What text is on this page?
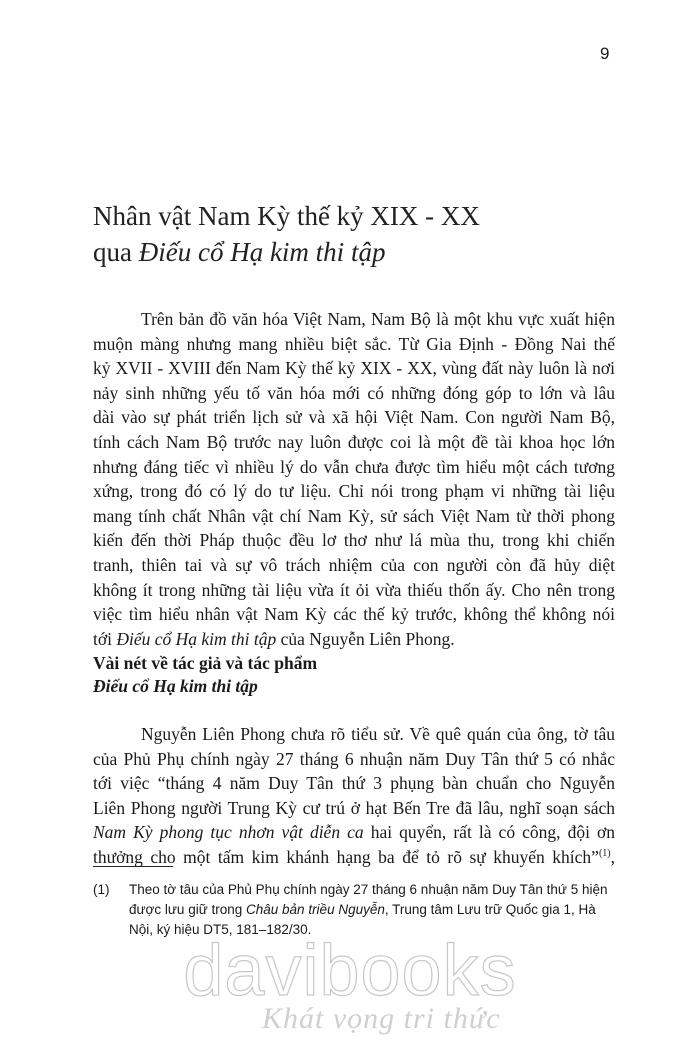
9
Nhân vật Nam Kỳ thế kỷ XIX - XX
qua Điếu cổ Hạ kim thi tập
Trên bản đồ văn hóa Việt Nam, Nam Bộ là một khu vực xuất hiện
muộn màng nhưng mang nhiều biệt sắc. Từ Gia Định - Đồng Nai thế
kỷ XVII - XVIII đến Nam Kỳ thế kỷ XIX - XX, vùng đất này luôn là nơi
nảy sinh những yếu tố văn hóa mới có những đóng góp to lớn và lâu
dài vào sự phát triển lịch sử và xã hội Việt Nam. Con người Nam Bộ,
tính cách Nam Bộ trước nay luôn được coi là một đề tài khoa học lớn
nhưng đáng tiếc vì nhiều lý do vẫn chưa được tìm hiểu một cách tương
xứng, trong đó có lý do tư liệu. Chỉ nói trong phạm vi những tài liệu
mang tính chất Nhân vật chí Nam Kỳ, sử sách Việt Nam từ thời phong
kiến đến thời Pháp thuộc đều lơ thơ như lá mùa thu, trong khi chiến
tranh, thiên tai và sự vô trách nhiệm của con người còn đã hủy diệt
không ít trong những tài liệu vừa ít ỏi vừa thiếu thốn ấy. Cho nên trong
việc tìm hiểu nhân vật Nam Kỳ các thế kỷ trước, không thể không nói
tới Điếu cổ Hạ kim thi tập của Nguyễn Liên Phong.
Vài nét về tác giả và tác phẩm
Điếu cổ Hạ kim thi tập
Nguyễn Liên Phong chưa rõ tiểu sử. Về quê quán của ông, tờ tâu
của Phủ Phụ chính ngày 27 tháng 6 nhuận năm Duy Tân thứ 5 có nhắc
tới việc “tháng 4 năm Duy Tân thứ 3 phụng bàn chuẩn cho Nguyễn
Liên Phong người Trung Kỳ cư trú ở hạt Bến Tre đã lâu, nghĩ soạn sách
Nam Kỳ phong tục nhơn vật diễn ca hai quyển, rất là có công, đội ơn
thưởng cho một tấm kim khánh hạng ba để tỏ rõ sự khuyến khích”$^{(1)}$,
(1) Theo tờ tâu của Phủ Phụ chính ngày 27 tháng 6 nhuận năm Duy Tân thứ 5 hiện
được lưu giữ trong Châu bản triều Nguyễn, Trung tâm Lưu trữ Quốc gia 1, Hà
Nội, ký hiệu DT5, 181–182/30.
davibooks
Khát vọng tri thức
